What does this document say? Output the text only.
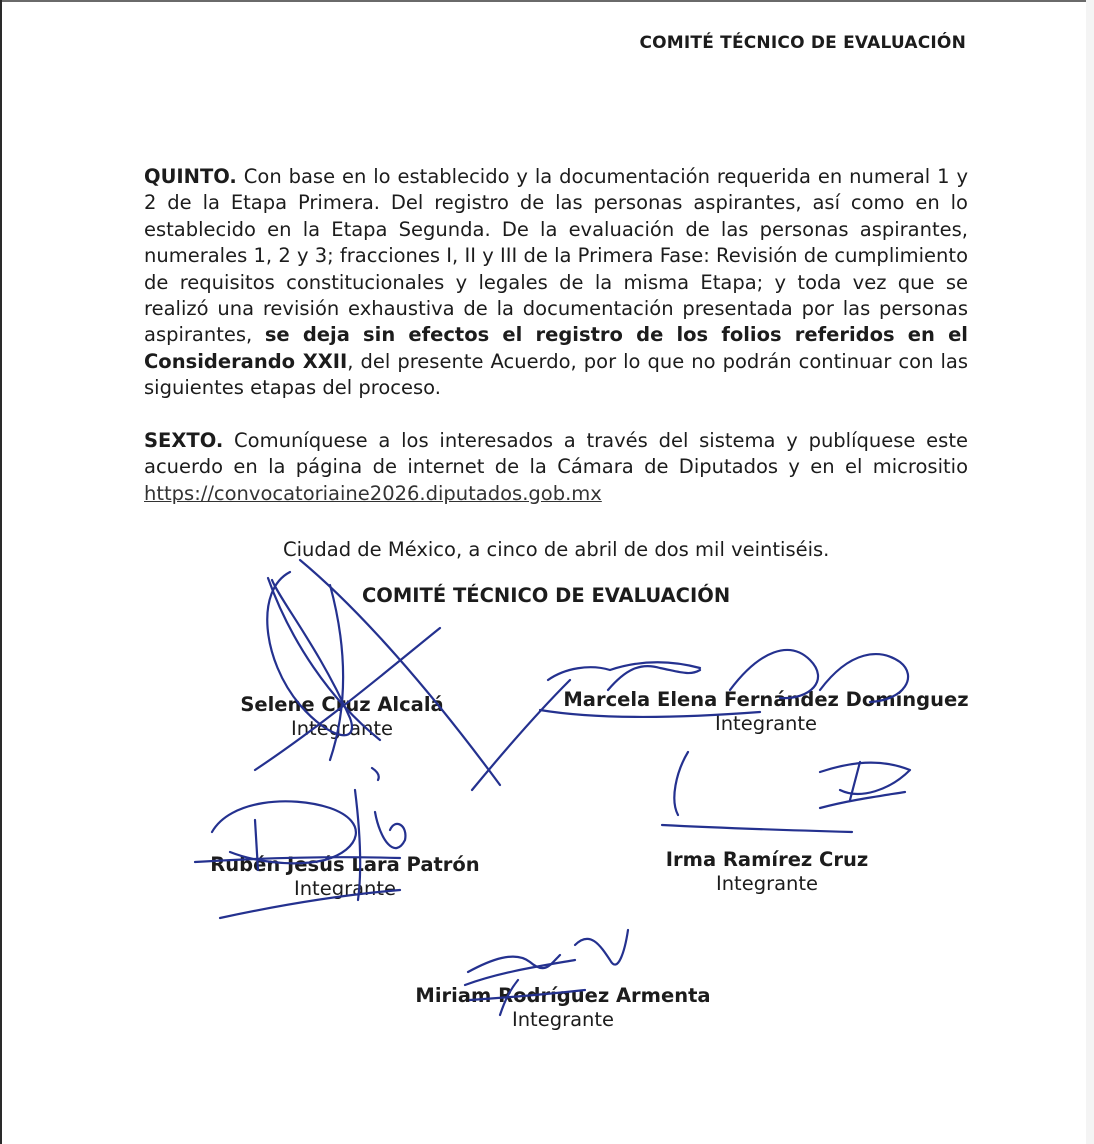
COMITÉ TÉCNICO DE EVALUACIÓN

QUINTO. Con base en lo establecido y la documentación requerida en numeral 1 y 2 de la Etapa Primera. Del registro de las personas aspirantes, así como en lo establecido en la Etapa Segunda. De la evaluación de las personas aspirantes, numerales 1, 2 y 3; fracciones I, II y III de la Primera Fase: Revisión de cumplimiento de requisitos constitucionales y legales de la misma Etapa; y toda vez que se realizó una revisión exhaustiva de la documentación presentada por las personas aspirantes, se deja sin efectos el registro de los folios referidos en el Considerando XXII, del presente Acuerdo, por lo que no podrán continuar con las siguientes etapas del proceso.

SEXTO. Comuníquese a los interesados a través del sistema y publíquese este acuerdo en la página de internet de la Cámara de Diputados y en el micrositio https://convocatoriaine2026.diputados.gob.mx

Ciudad de México, a cinco de abril de dos mil veintiséis.
COMITÉ TÉCNICO DE EVALUACIÓN
Selene Cruz Alcalá
Integrante
Marcela Elena Fernández Domínguez
Integrante
Rubén Jesús Lara Patrón
Integrante
Irma Ramírez Cruz
Integrante
Miriam Rodríguez Armenta
Integrante
